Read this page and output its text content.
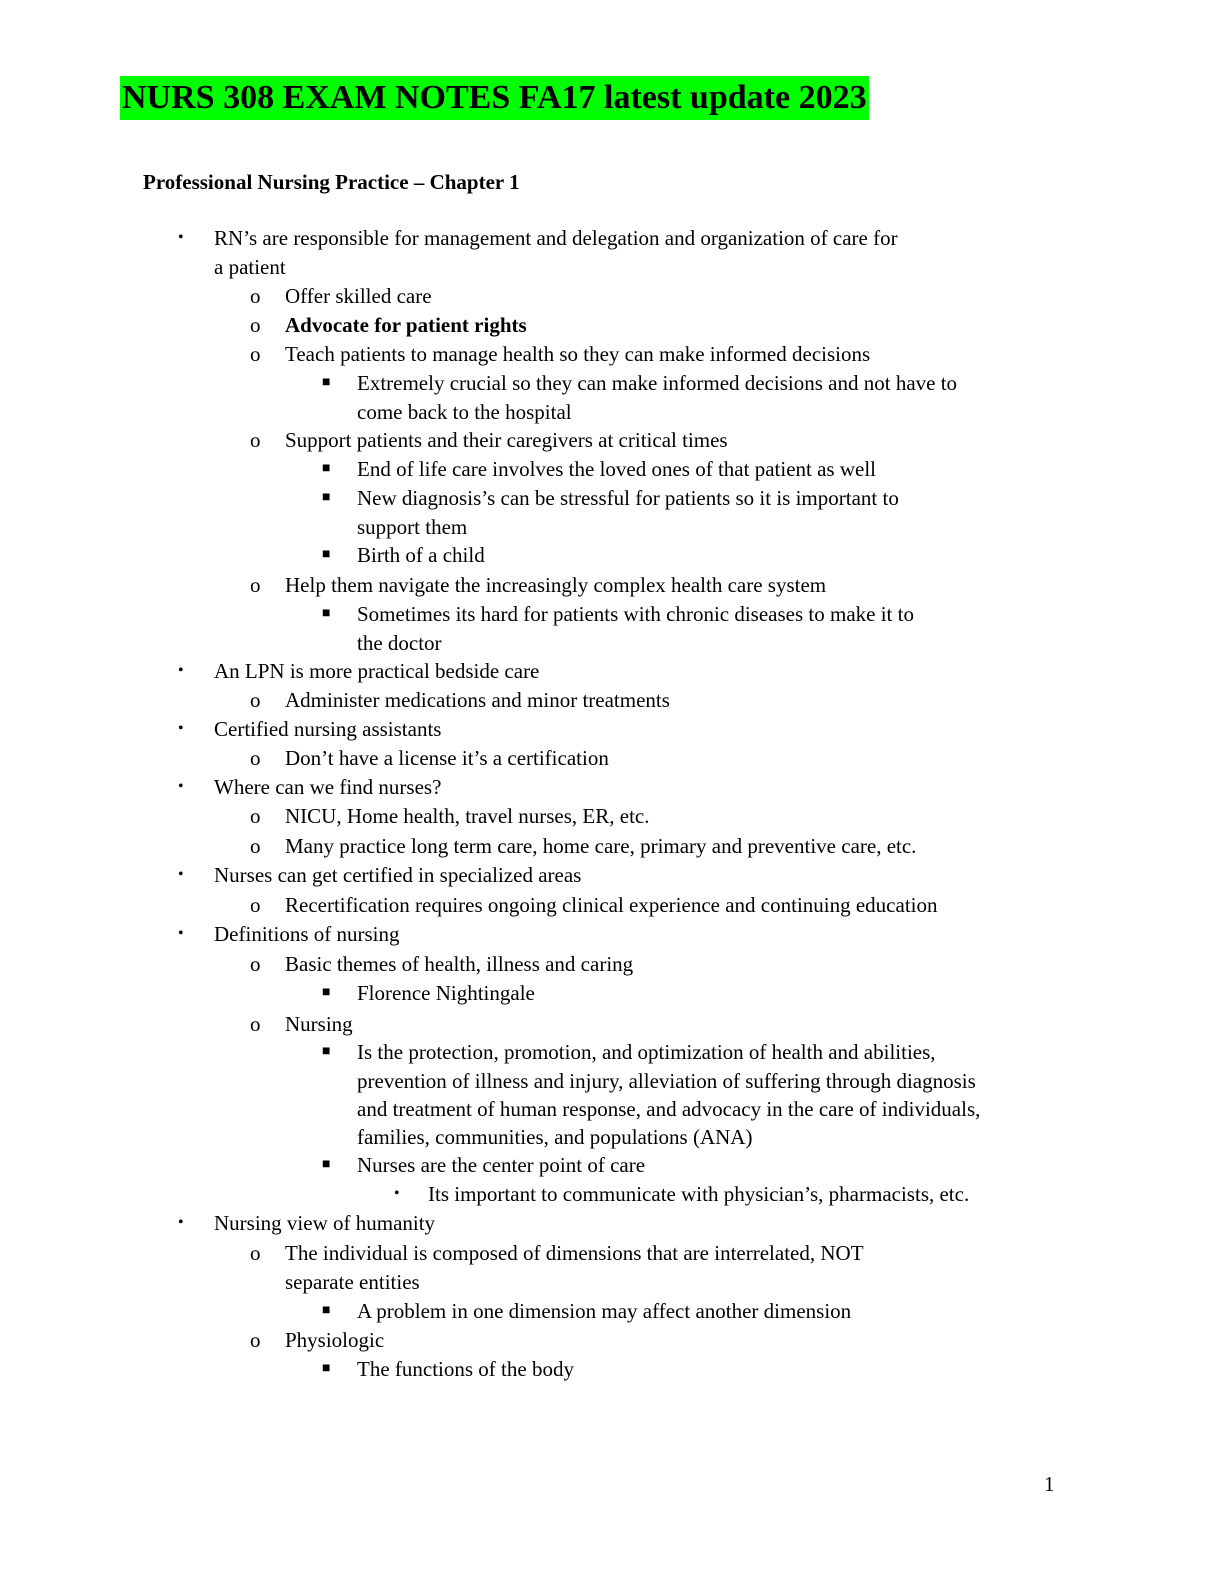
NURS 308 EXAM NOTES FA17 latest update 2023
Professional Nursing Practice – Chapter 1
• RN’s are responsible for management and delegation and organization of care for
a patient
o Offer skilled care
o Advocate for patient rights
o Teach patients to manage health so they can make informed decisions
■ Extremely crucial so they can make informed decisions and not have to
come back to the hospital
o Support patients and their caregivers at critical times
■ End of life care involves the loved ones of that patient as well
■ New diagnosis’s can be stressful for patients so it is important to
support them
■ Birth of a child
o Help them navigate the increasingly complex health care system
■ Sometimes its hard for patients with chronic diseases to make it to
the doctor
• An LPN is more practical bedside care
o Administer medications and minor treatments
• Certified nursing assistants
o Don’t have a license it’s a certification
• Where can we find nurses?
o NICU, Home health, travel nurses, ER, etc.
o Many practice long term care, home care, primary and preventive care, etc.
• Nurses can get certified in specialized areas
o Recertification requires ongoing clinical experience and continuing education
• Definitions of nursing
o Basic themes of health, illness and caring
■ Florence Nightingale
o Nursing
■ Is the protection, promotion, and optimization of health and abilities,
prevention of illness and injury, alleviation of suffering through diagnosis
and treatment of human response, and advocacy in the care of individuals,
families, communities, and populations (ANA)
■ Nurses are the center point of care
• Its important to communicate with physician’s, pharmacists, etc.
• Nursing view of humanity
o The individual is composed of dimensions that are interrelated, NOT
separate entities
■ A problem in one dimension may affect another dimension
o Physiologic
■ The functions of the body
1
